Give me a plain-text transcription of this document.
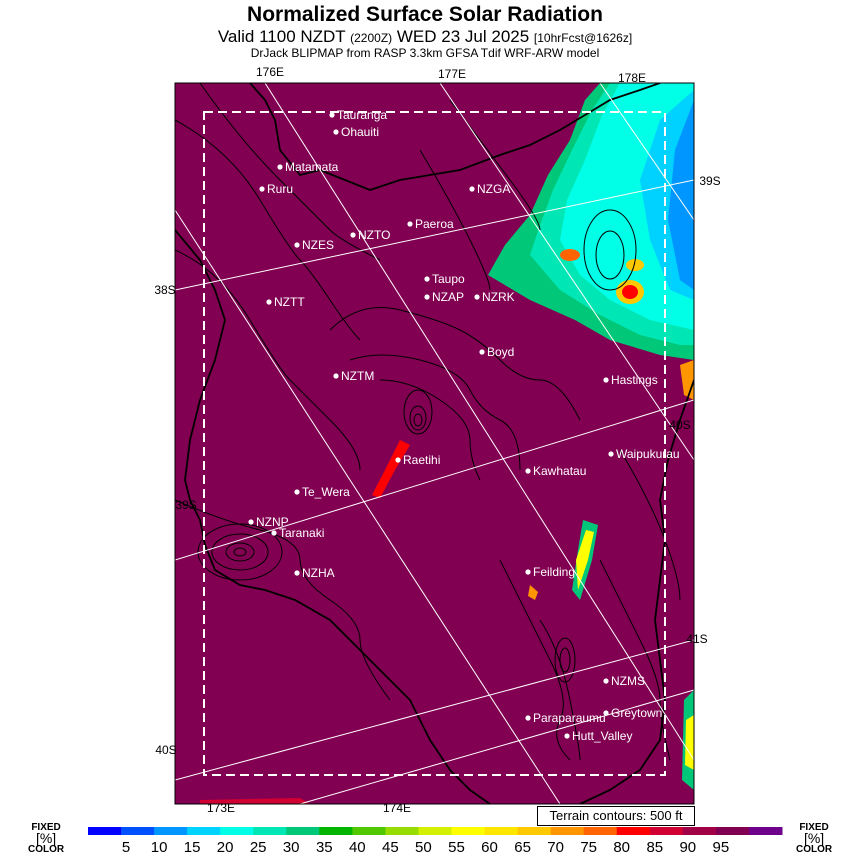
Normalized Surface Solar Radiation
Valid 1100 NZDT (2200Z) WED 23 Jul 2025 [10hrFcst@1626z]
DrJack BLIPMAP from RASP 3.3km GFSA Tdif WRF-ARW model
176E	177E	178E
173E	174E
39S
38S
40S
39S
41S
40S
Tauranga
Ohauiti
Matamata
Ruru	NZGA
Paeroa
NZES
NZTO
Taupo
NZAP NZRK
NZTT
Boyd
NZTM	Hastings
Raetihi
Kawhatau
Waipukurau
Te_Wera
NZNP
Taranaki
NZHA	Feilding
NZMS
Greytown
Paraparaumu
Hutt_Valley
5 10 15 20 25 30 35 40 45 50 55 60 65 70 75 80 85 90 95
Terrain contours: 500 ft
FIXED
[%]
COLOR
FIXED
[%]
COLOR
